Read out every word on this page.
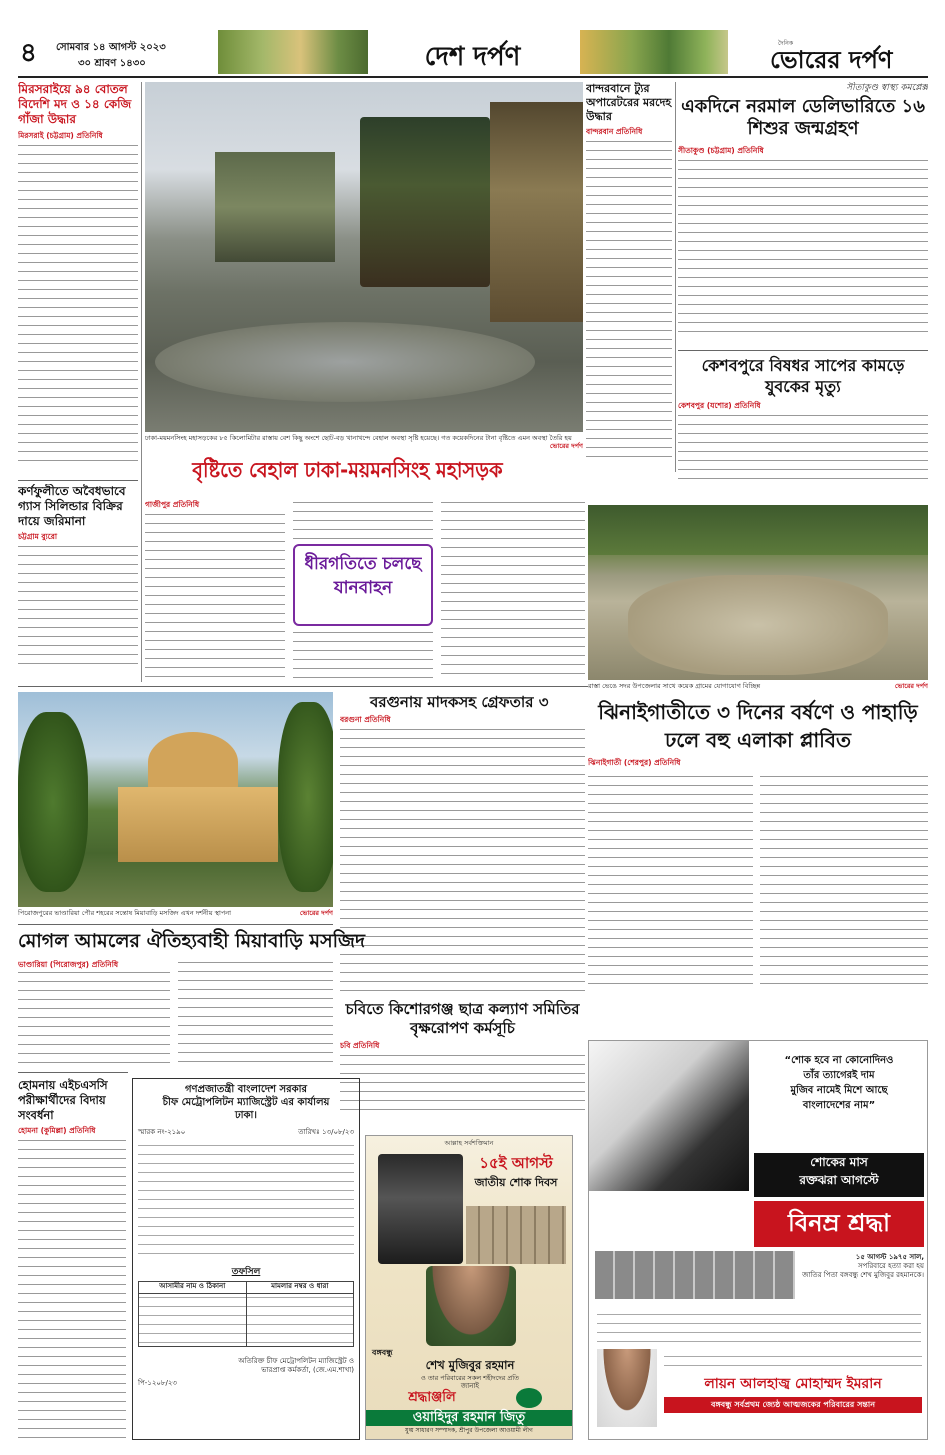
৪	সোমবার ১৪ আগস্ট ২০২৩
৩০ শ্রাবণ ১৪৩০	দেশ দর্পণ	দৈনিক
ভোরের দর্পণ
মিরসরাইয়ে ৯৪ বোতল বিদেশি মদ ও ১৪ কেজি গাঁজা উদ্ধার
মিরসরাই (চট্টগ্রাম) প্রতিনিধি
কর্ণফুলীতে অবৈধভাবে গ্যাস সিলিন্ডার বিক্রির দায়ে জরিমানা
চট্টগ্রাম ব্যুরো
ঢাকা-ময়মনসিংহ মহাসড়কের ৮৫ কিলোমিটার রাস্তায় বেশ কিছু অংশে ছোট-বড় খানাখন্দে বেহাল অবস্থা সৃষ্টি হয়েছে। গত কয়েকদিনের টানা বৃষ্টিতে এমন অবস্থা তৈরি হয়
ভোরের দর্পণ
বান্দরবানে ট্যুর অপারেটরের মরদেহ উদ্ধার
বান্দরবান প্রতিনিধি
সীতাকুণ্ড স্বাস্থ্য কমপ্লেক্স
একদিনে নরমাল ডেলিভারিতে ১৬ শিশুর জন্মগ্রহণ
সীতাকুণ্ড (চট্টগ্রাম) প্রতিনিধি
কেশবপুরে বিষধর সাপের কামড়ে যুবকের মৃত্যু
কেশবপুর (যশোর) প্রতিনিধি
বৃষ্টিতে বেহাল ঢাকা-ময়মনসিংহ মহাসড়ক
গাজীপুর প্রতিনিধি
ধীরগতিতে চলছে যানবাহন
রাস্তা ভেঙে সদর উপজেলার সাথে কয়েক গ্রামের যোগাযোগ বিচ্ছিন্ন	ভোরের দর্পণ
পিরোজপুরের ভাণ্ডারিয়া পৌর শহরের সন্তোষ মিয়াবাড়ি মসজিদ এখন দর্শনীয় স্থাপনা	ভোরের দর্পণ
বরগুনায় মাদকসহ গ্রেফতার ৩
বরগুনা প্রতিনিধি	ঝিনাইগাতীতে ৩ দিনের বর্ষণে ও পাহাড়ি ঢলে বহু এলাকা প্লাবিত
ঝিনাইগাতী (শেরপুর) প্রতিনিধি
মোগল আমলের ঐতিহ্যবাহী মিয়াবাড়ি মসজিদ
ভাণ্ডারিয়া (পিরোজপুর) প্রতিনিধি
চবিতে কিশোরগঞ্জ ছাত্র কল্যাণ সমিতির বৃক্ষরোপণ কর্মসূচি
চবি প্রতিনিধি
হোমনায় এইচএসসি পরীক্ষার্থীদের বিদায় সংবর্ধনা
হোমনা (কুমিল্লা) প্রতিনিধি
গণপ্রজাতন্ত্রী বাংলাদেশ সরকার
চীফ মেট্রোপলিটন ম্যাজিস্ট্রেট এর কার্যালয়
ঢাকা।
স্মারক নং-২১৯০	তারিখঃ ১৩/০৮/২৩
তফসিল
আসামীর নাম ও ঠিকানা	মামলার নম্বর ও ধারা
অতিরিক্ত চীফ মেট্রোপলিটন ম্যাজিস্ট্রেট ও
ভারপ্রাপ্ত কর্মকর্তা, (জে.এম.শাখা)
পি-১২০৮/২৩
আল্লাহ সর্বশক্তিমান
১৫ই আগস্ট
জাতীয় শোক দিবস
বঙ্গবন্ধু
শেখ মুজিবুর রহমান
ও তার পরিবারের সকল শহীদদের প্রতি
জানাই
শ্রদ্ধাঞ্জলি
ওয়াহিদুর রহমান জিতু
যুগ্ম সাধারণ সম্পাদক, শ্রীপুর উপজেলা আওয়ামী লীগ
“শোক হবে না কোনোদিনও
তাঁর ত্যাগেরই দাম
মুজিব নামেই মিশে আছে
বাংলাদেশের নাম”
শোকের মাস
রক্তঝরা আগস্টে
বিনম্র শ্রদ্ধা
১৫ আগস্ট ১৯৭৫ সাল,
সপরিবারে হত্যা করা হয়
জাতির পিতা বঙ্গবন্ধু শেখ মুজিবুর রহমানকে।
লায়ন আলহাজ্ব মোহাম্মদ ইমরান
বঙ্গবন্ধু সর্বপ্রথম জ্যেষ্ঠ আত্মজকের পরিবারের সন্তান
